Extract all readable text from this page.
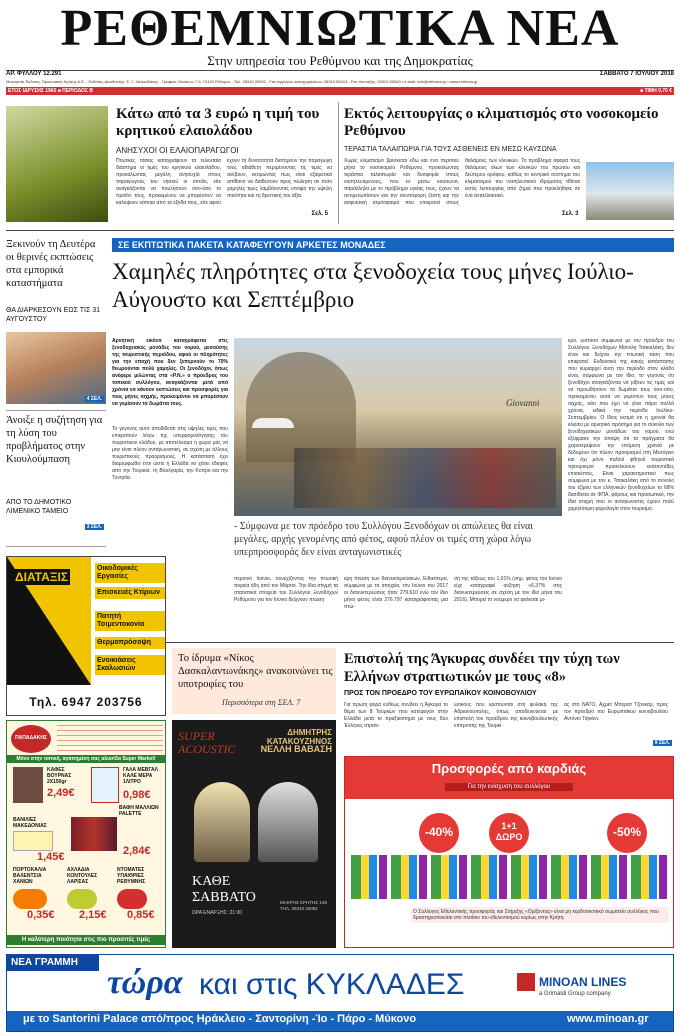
ΡΕΘΕΜΝΙΩΤΙΚΑ ΝΕΑ
Στην υπηρεσία του Ρεθύμνου και της Δημοκρατίας
ΑΡ. ΦΥΛΛΟΥ 12.291	ΣΑΒΒΑΤΟ 7 ΙΟΥΛΙΟΥ 2018
Ιδιοκτησία-Έκδοση: Προσωπική Κρήτης Α.Ε. - Εκδότης-Διευθυντής: Ε. Γ. Χαλκιαδάκης - Γραφείο: Μούσων 7-9, 74132 Ρέθυμνο - Τηλ. 28310 29292 - Fax αγγελιών-καταχωρήσεων: 28310 55413 - Fax σύνταξης: 28310 50040 • e-mail: info@rethnea.gr • www.rethnea.gr
ΕΤΟΣ ΙΔΡΥΣΗΣ 1965 ■ ΠΕΡΙΟΔΟΣ Β	■ ΤΙΜΗ 0,70 €
Κάτω από τα 3 ευρώ η τιμή του κρητικού ελαιολάδου
ΑΝΗΣΥΧΟΙ ΟΙ ΕΛΑΙΟΠΑΡΑΓΩΓΟΙ
Πτωτικές τάσεις καταγράφουν τα τελευταία διάστημα οι τιμές του κρητικού ελαιολάδου, προκαλώντας μεγάλη ανησυχία στους παραγωγούς του νησιού οι οποίοι, είτε αναγκάζονται να πουλήσουν όσο-όσο το προϊόν τους, προκειμένου να μπορέσουν να καλύψουν κάποια από τα έξοδα τους, είτε αφού έχουν τη δυνατότητα διατηρούν την παραγωγή τους αδιάθετη περιμένοντας τις τιμές να ανέβουν, εκτιμώντας πως είναι εξαιρετικά απίθανο να διαθέσουν προς πώληση σε τόσο χαμηλές τιμές λαμβάνοντας υπόψη την υψηλή ποιότητα και τη θρεπτική του αξία.
Σελ. 5
Εκτός λειτουργίας ο κλιματισμός στο νοσοκομείο Ρεθύμνου
ΤΕΡΑΣΤΙΑ ΤΑΛΑΙΠΩΡΙΑ ΓΙΑ ΤΟΥΣ ΑΣΘΕΝΕΙΣ ΕΝ ΜΕΣΩ ΚΑΥΣΩΝΑ
Χωρίς κλιματισμό βρίσκεται εδώ και ένα περίπου μήνα το νοσοκομείο Ρεθύμνου, προκαλώντας τεράστια ταλαιπωρία και δυσφορία στους νοσηλευόμενους, που εν μέσω καύσωνα, παράλληλα με το πρόβλημα υγείας τους, έχουν να αντιμετωπίσουν και την ανυπόφορη ζέστη και την ασφυκτική ατμόσφαιρα που επικρατεί στους θαλάμους των κλινικών. Το πρόβλημα αφορά τους θαλάμους όλων των κλινικών του πρώτου και δεύτερου ορόφου, καθώς το κεντρικό σύστημα του κλιματισμού του νοσηλευτικού ιδρύματος τίθεται εκτός λειτουργίας από ζημιά που προκλήθηκε σε ένα ανταλλακτικό.
Σελ. 3
Ξεκινούν τη Δευτέρα οι θερινές εκπτώσεις στα εμπορικά καταστήματα
ΘΑ ΔΙΑΡΚΕΣΟΥΝ ΕΩΣ ΤΙΣ 31 ΑΥΓΟΥΣΤΟΥ
4 ΣΕΛ.
Άνοιξε η συζήτηση για τη λύση του προβλήματος στην Κιουλούμπαση
ΑΠΟ ΤΟ ΔΗΜΟΤΙΚΟ ΛΙΜΕΝΙΚΟ ΤΑΜΕΙΟ
3 ΣΕΛ.
ΣΕ ΕΚΠΤΩΤΙΚΑ ΠΑΚΕΤΑ ΚΑΤΑΦΕΥΓΟΥΝ ΑΡΚΕΤΕΣ ΜΟΝΑΔΕΣ
Χαμηλές πληρότητες στα ξενοδοχεία τους μήνες Ιούλιο-Αύγουστο και Σεπτέμβριο
Αρνητική εικόνα καταγράφεται στις ξενοδοχειακές μονάδες του νομού, μεσούσης της τουριστικής περιόδου, αφού οι πληρότητες για την εποχή που δεν ξεπερνούν το 70% θεωρούνται πολύ χαμηλές. Οι ξενοδόχοι, όπως ανέφερε μιλώντας στα «Ρ.Ν.» ο πρόεδρος του τοπικού συλλόγου, αναγκάζονται μετά από χρόνια να κάνουν εκπτώσεις και προσφορές για τους μήνες αιχμής, προκειμένου να μπορέσουν να γεμίσουν τα δωμάτια τους.
Το γεγονός αυτό αποδίδεται στις υψηλές τιμές που επικρατούν λόγω της υπερφορολόγησης του τουριστικού κλάδου, με αποτέλεσμα η χώρα μας να μην είναι πλέον ανταγωνιστική, σε σχέση με άλλους τουριστικούς προορισμούς. Η κατάσταση έχει διαμορφωθεί έτσι ώστε η Ελλάδα να χάνει έδαφος από την Τουρκία, τη Βουλγαρία, την Κύπρο και την Τυνησία.
Giovanni
- Σύμφωνα με τον πρόεδρο του Συλλόγου Ξενοδόχων οι απώλειες θα είναι μεγάλες, αρχής γενομένης από φέτος, αφού πλέον οι τιμές στη χώρα λόγω υπερπροσφοράς δεν είναι ανταγωνιστικές
περσινό Ιούνιο, συνεχίζοντας την πτωτική πορεία ήδη από τον Μάρτιο. Την ίδια στιγμή τα στατιστικά στοιχεία του Συλλόγου Ξενοδόχων Ρεθύμνου για τον Ιούνιο δείχνουν πτώση
κρή πτώση των διανυκτερεύσεων. Ειδικότερα, σύμφωνα με τα στοιχεία, τον Ιούνιο του 2017 οι διανυκτερεύσεις ήταν 279.610 ενώ τον ίδιο μήνα φέτος είναι 276.797 καταγράφοντας μια πτώ-
ση της τάξεως του 1,01% (σημ. φέτος τον Ιούνιο είχε καταγραφεί αύξηση «6,37% στις διανυκτερεύσεις σε σχέση με τον ίδιο μήνα του 2016). Μπορεί το νούμερο να φαίνεται μι-
κρό, ωστόσο σύμφωνα με τον πρόεδρο του Συλλόγου Ξενοδόχων Μανόλη Τσακαλάκη, δεν είναι και δείχνει την πτωτική τάση που επικρατεί. Ενδεικτικό της κακής κατάστασης που κυριαρχεί αυτή την περίοδο στον κλάδο είναι, σύμφωνα με τον ίδιο, το γεγονός ότι ξενοδόχοι αναγκάζονται να ρίξουν τις τιμές και να προωθήσουν τα δωμάτια τους όσο-όσο, προκειμένου αυτά να γεμίσουν τους μήνες αιχμής, κάτι που έχει να γίνει πάρα πολλά χρόνια, ειδικά την περίοδο Ιουλίου-Σεπτεμβρίου. Ο ίδιος εκτιμά ότι η χρονιά θα κλείσει με αρνητικό πρόσημο για το σύνολο των ξενοδοχειακών μονάδων του νομού, ενώ εξέφρασε την άποψη ότι τα πράγματα θα χειροτερέψουν την επόμενη χρονιά με δεδομένο ότι πλέον προορισμοί στη Μεσόγειο και όχι μόνο πολλοί φθηνοί τουριστικά προορισμοί προσελκύουν εκατοντάδες επισκέπτες. Είναι χαρακτηριστικό πως σύμφωνα με τον κ. Τσακαλάκη από το σύνολο του τζίρου των ελληνικών ξενοδοχείων το 68% διατίθεται σε ΦΠΑ, φόρους και προσωπικό, την ίδια στιγμή που οι ανταγωνιστές έχουν πολύ χαμηλότερη φορολογία στον τουρισμό.
ΔΙΑΤΑΞΙΣ
Οικοδομικές Εργασίες
Επισκευές Κτίριων
Πατητή Τσιμεντοκονία
Θερμοπρόσοψη
Ενοικιάσεις Σκαλωσιών
Τηλ. 6947 203756
Το ίδρυμα «Νίκος Δασκαλαντωνάκης» ανακοινώνει τις υποτροφίες του
Περισσότερα στη ΣΕΛ. 7
Επιστολή της Άγκυρας συνδέει την τύχη των Ελλήνων στρατιωτικών με τους «8»
ΠΡΟΣ ΤΟΝ ΠΡΟΕΔΡΟ ΤΟΥ ΕΥΡΩΠΑΪΚΟΥ ΚΟΙΝΟΒΟΥΛΙΟΥ
Για πρώτη φορά ευθέως συνδέει η Άγκυρα το θέμα των 8 Τούρκων που κατέφυγαν στην Ελλάδα μετά το πραξικόπημα με τους δύο Έλληνες στρατι-
ωτικούς που κρατούνται στη φυλακή της Αδριανούπολης, όπως αποδεικνύεται με επιστολή του προέδρου της κοινοβουλευτικής επιτροπής της Τουρκί-
ας στο ΝΑΤΟ, Αχμέτ Μπερατ Τζονκάρ, προς τον πρόεδρο του Ευρωπαϊκού κοινοβουλίου Αντόνιο Ταγιάνι.
9 ΣΕΛ.
ΠΑΠΑΔΑΚΗΣ
Μόνο στην τοπική, αγαπημένη σας αλυσίδα Super Market!
ΚΑΦΕΣ ΒΟΥΡΝΑΣ 2Χ150gr
2,49€
ΓΑΛΑ ΜΕΒΓΑΛ ΚΑΛΕ ΜΕΡΑ 1ΛΙΤΡΟ
0,98€
ΒΑΝΙΛΙΕΣ ΜΑΚΕΔΟΝΙΑΣ
1,45€
ΒΑΦΗ ΜΑΛΛΙΩΝ PALETTE
2,84€
ΠΟΡΤΟΚΑΛΙΑ ΒΑΛΕΝΤΣΙΑ ΧΑΝΙΩΝ
0,35€
ΑΧΛΑΔΙΑ ΚΟΝΤΟΥΛΕΣ ΛΑΡΙΣΑΣ
2,15€
ΝΤΟΜΑΤΕΣ ΥΠΑΙΘΡΙΕΣ ΡΕΘΥΜΝΗΣ
0,85€
Η καλύτερη ποιότητα στις πιο προσιτές τιμές
ΔΗΜΗΤΡΗΣ ΚΑΤΑΚΟΥΖΗΝΟΣ
ΝΕΛΛΗ ΒΑΒΑΣΗ
SUPER ACOUSTIC
ΚΑΘΕ ΣΑΒΒΑΤΟ
ΩΡΑ ΕΝΑΡΞΗΣ: 21:00
ΜΑΚΡΗΣ ΚΡΗΤΗΣ 149 ΤΗΛ. 28310 26062
Προσφορές από καρδιάς
Για την ενίσχυση του συλλόγου
-40%	1+1 ΔΩΡΟ	-50%
Ο Σύλλογος Εθελοντικής προσφοράς και Στήριξης «Ορίζοντας» είναι μη κερδοσκοπικό σωματείο συλλόγος που δραστηριοποιείται στο πλαίσιο του εθελοντισμού κυρίως στην Κρήτη.
ΝΕΑ ΓΡΑΜΜΗ
τώρα και στις ΚΥΚΛΑΔΕΣ	MINOAN LINES
a Grimaldi Group company
με το Santorini Palace από/προς Ηράκλειο - Σαντορίνη -Ίο - Πάρο - Μύκονο	www.minoan.gr
